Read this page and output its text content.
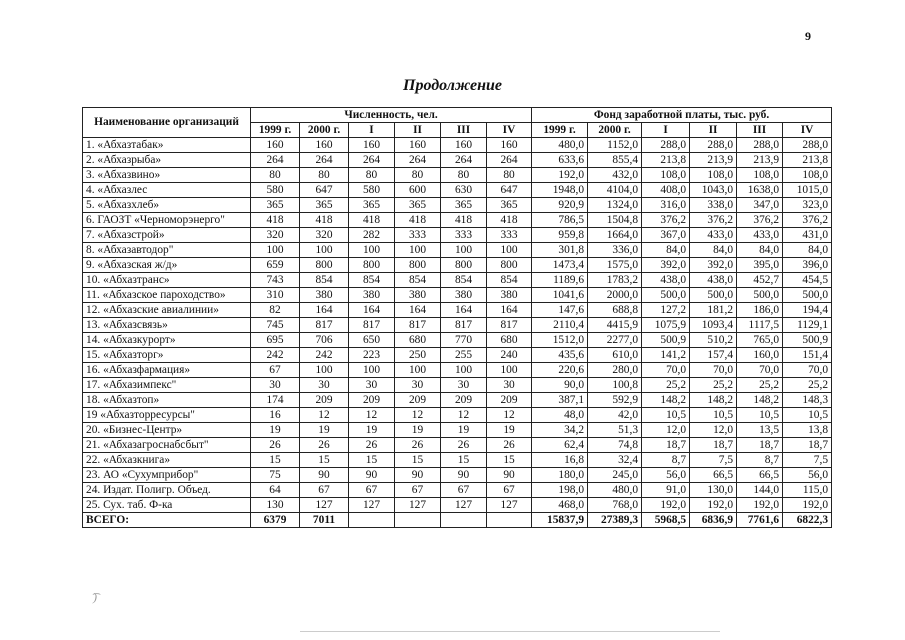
9
Продолжение
Наименование организаций	Численность, чел.						Фонд заработной платы, тыс. руб.					
	1999 г.	2000 г.	I	II	III	IV	1999 г.	2000 г.	I	II	III	IV
1. «Абхазтабак»	160	160	160	160	160	160	480,0	1152,0	288,0	288,0	288,0	288,0
2. «Абхазрыба»	264	264	264	264	264	264	633,6	855,4	213,8	213,9	213,9	213,8
3. «Абхазвино»	80	80	80	80	80	80	192,0	432,0	108,0	108,0	108,0	108,0
4. «Абхазлес	580	647	580	600	630	647	1948,0	4104,0	408,0	1043,0	1638,0	1015,0
5. «Абхазхлеб»	365	365	365	365	365	365	920,9	1324,0	316,0	338,0	347,0	323,0
6. ГАОЗТ «Черноморэнерго"	418	418	418	418	418	418	786,5	1504,8	376,2	376,2	376,2	376,2
7. «Абхазстрой»	320	320	282	333	333	333	959,8	1664,0	367,0	433,0	433,0	431,0
8. «Абхазавтодор"	100	100	100	100	100	100	301,8	336,0	84,0	84,0	84,0	84,0
9. «Абхазская ж/д»	659	800	800	800	800	800	1473,4	1575,0	392,0	392,0	395,0	396,0
10. «Абхазтранс»	743	854	854	854	854	854	1189,6	1783,2	438,0	438,0	452,7	454,5
11. «Абхазское пароходство»	310	380	380	380	380	380	1041,6	2000,0	500,0	500,0	500,0	500,0
12. «Абхазские авиалинии»	82	164	164	164	164	164	147,6	688,8	127,2	181,2	186,0	194,4
13. «Абхазсвязь»	745	817	817	817	817	817	2110,4	4415,9	1075,9	1093,4	1117,5	1129,1
14. «Абхазкурорт»	695	706	650	680	770	680	1512,0	2277,0	500,9	510,2	765,0	500,9
15. «Абхазторг»	242	242	223	250	255	240	435,6	610,0	141,2	157,4	160,0	151,4
16. «Абхазфармация»	67	100	100	100	100	100	220,6	280,0	70,0	70,0	70,0	70,0
17. «Абхазимпекс"	30	30	30	30	30	30	90,0	100,8	25,2	25,2	25,2	25,2
18. «Абхазтоп»	174	209	209	209	209	209	387,1	592,9	148,2	148,2	148,2	148,3
19 «Абхазторресурсы"	16	12	12	12	12	12	48,0	42,0	10,5	10,5	10,5	10,5
20. «Бизнес-Центр»	19	19	19	19	19	19	34,2	51,3	12,0	12,0	13,5	13,8
21. «Абхазагроснабсбыт"	26	26	26	26	26	26	62,4	74,8	18,7	18,7	18,7	18,7
22. «Абхазкнига»	15	15	15	15	15	15	16,8	32,4	8,7	7,5	8,7	7,5
23. АО «Сухумприбор"	75	90	90	90	90	90	180,0	245,0	56,0	66,5	66,5	56,0
24. Издат. Полигр. Объед.	64	67	67	67	67	67	198,0	480,0	91,0	130,0	144,0	115,0
25. Сух. таб. Ф-ка	130	127	127	127	127	127	468,0	768,0	192,0	192,0	192,0	192,0
ВСЕГО:	6379	7011					15837,9	27389,3	5968,5	6836,9	7761,6	6822,3
͡)
